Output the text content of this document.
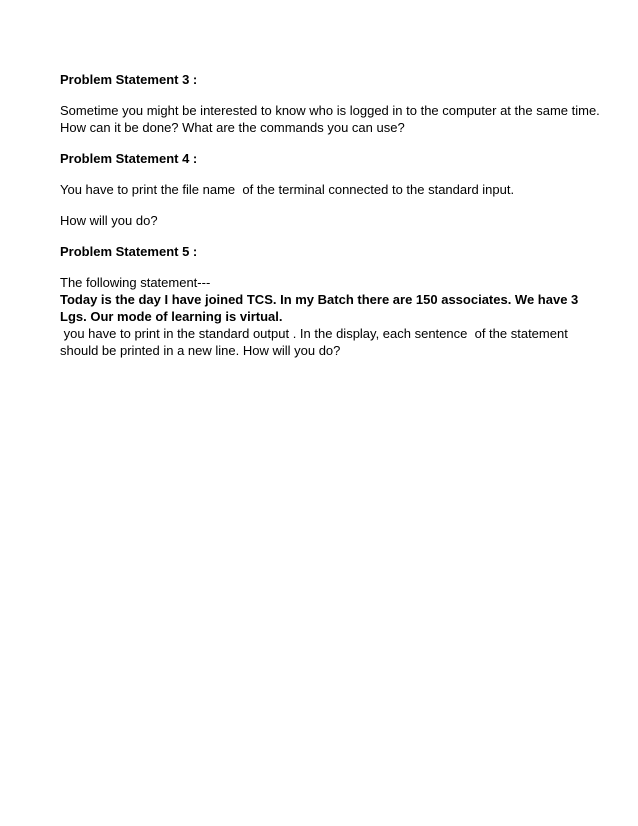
Problem Statement 3 :

Sometime you might be interested to know who is logged in to the computer at the same time.
How can it be done? What are the commands you can use?

Problem Statement 4 :

You have to print the file name  of the terminal connected to the standard input.

How will you do?

Problem Statement 5 :

The following statement---
Today is the day I have joined TCS. In my Batch there are 150 associates. We have 3
Lgs. Our mode of learning is virtual.
you have to print in the standard output . In the display, each sentence  of the statement
should be printed in a new line. How will you do?
